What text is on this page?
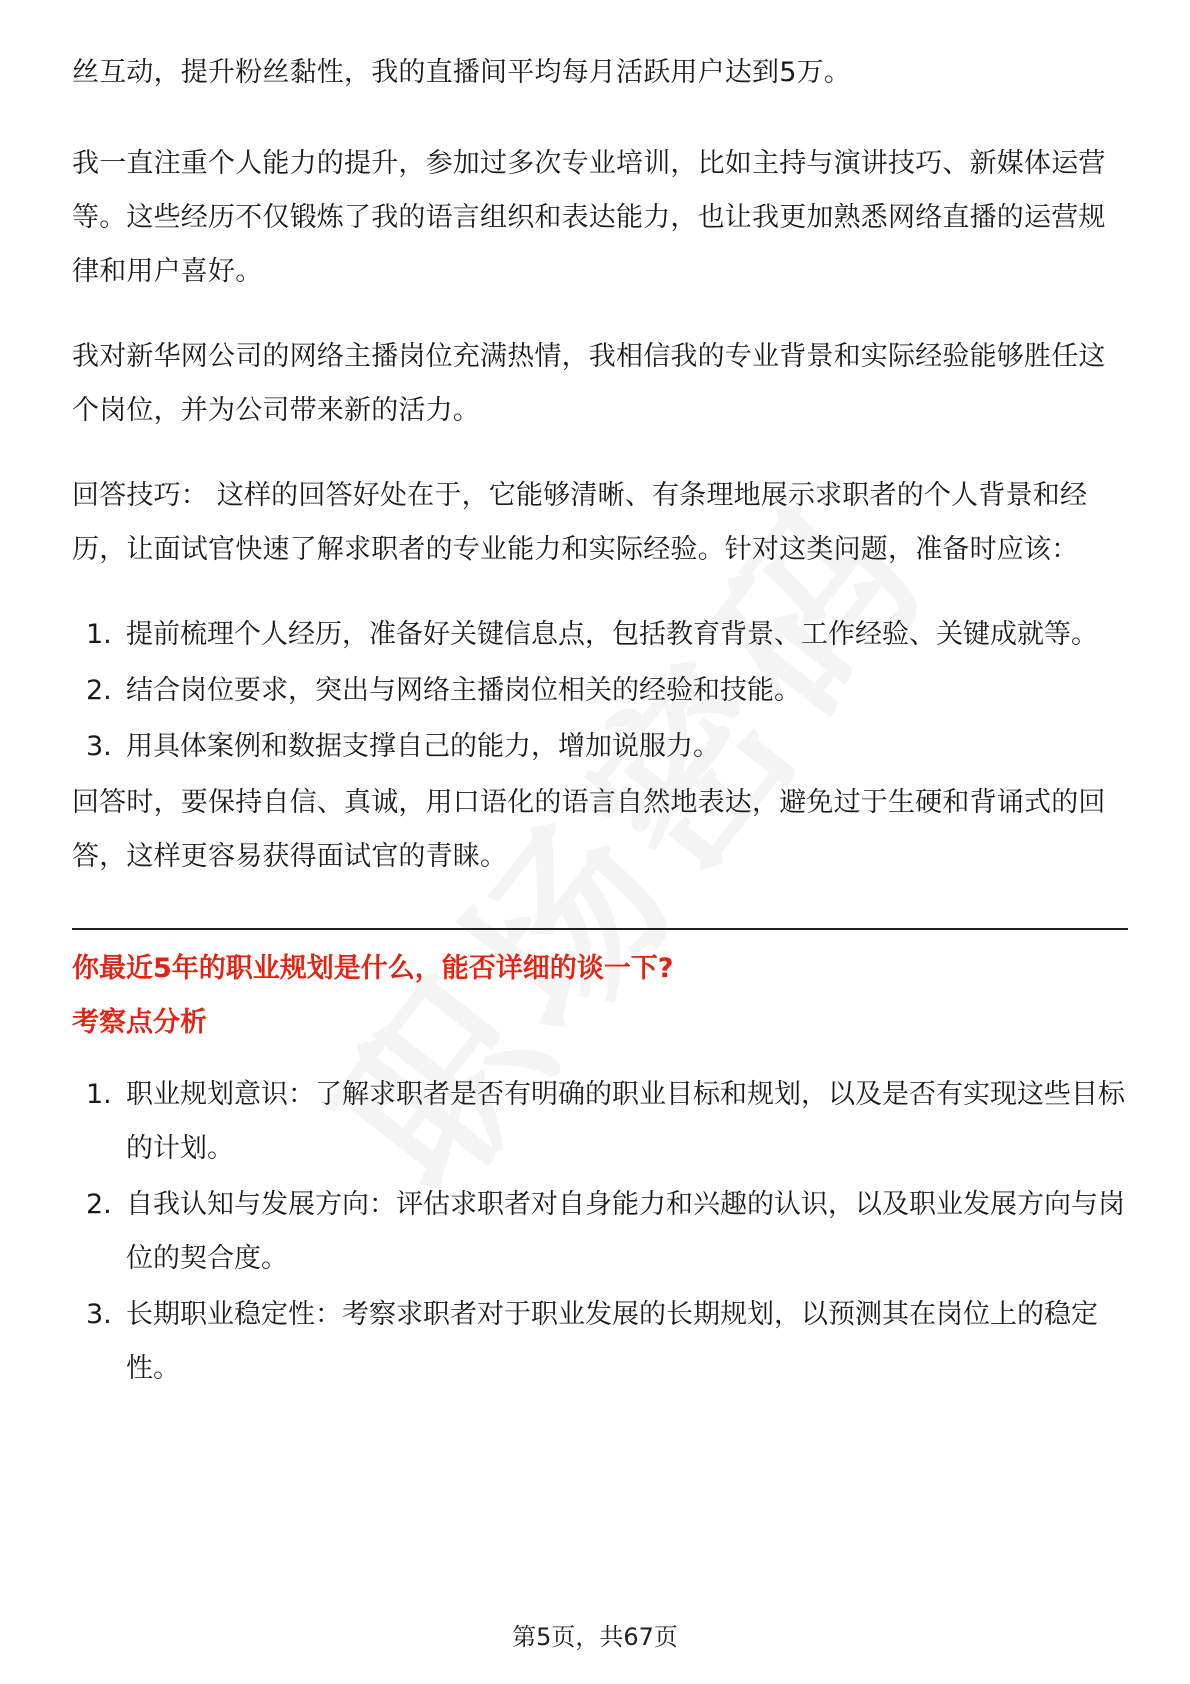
丝互动，提升粉丝黏性，我的直播间平均每月活跃用户达到5万。

我一直注重个人能力的提升，参加过多次专业培训，比如主持与演讲技巧、新媒体运营等。这些经历不仅锻炼了我的语言组织和表达能力，也让我更加熟悉网络直播的运营规律和用户喜好。

我对新华网公司的网络主播岗位充满热情，我相信我的专业背景和实际经验能够胜任这个岗位，并为公司带来新的活力。

回答技巧： 这样的回答好处在于，它能够清晰、有条理地展示求职者的个人背景和经历，让面试官快速了解求职者的专业能力和实际经验。针对这类问题，准备时应该：

1. 提前梳理个人经历，准备好关键信息点，包括教育背景、工作经验、关键成就等。
2. 结合岗位要求，突出与网络主播岗位相关的经验和技能。
3. 用具体案例和数据支撑自己的能力，增加说服力。

回答时，要保持自信、真诚，用口语化的语言自然地表达，避免过于生硬和背诵式的回答，这样更容易获得面试官的青睐。

你最近5年的职业规划是什么，能否详细的谈一下?

考察点分析

1. 职业规划意识：了解求职者是否有明确的职业目标和规划，以及是否有实现这些目标的计划。
2. 自我认知与发展方向：评估求职者对自身能力和兴趣的认识，以及职业发展方向与岗位的契合度。
3. 长期职业稳定性：考察求职者对于职业发展的长期规划，以预测其在岗位上的稳定性。
第5页，共67页
